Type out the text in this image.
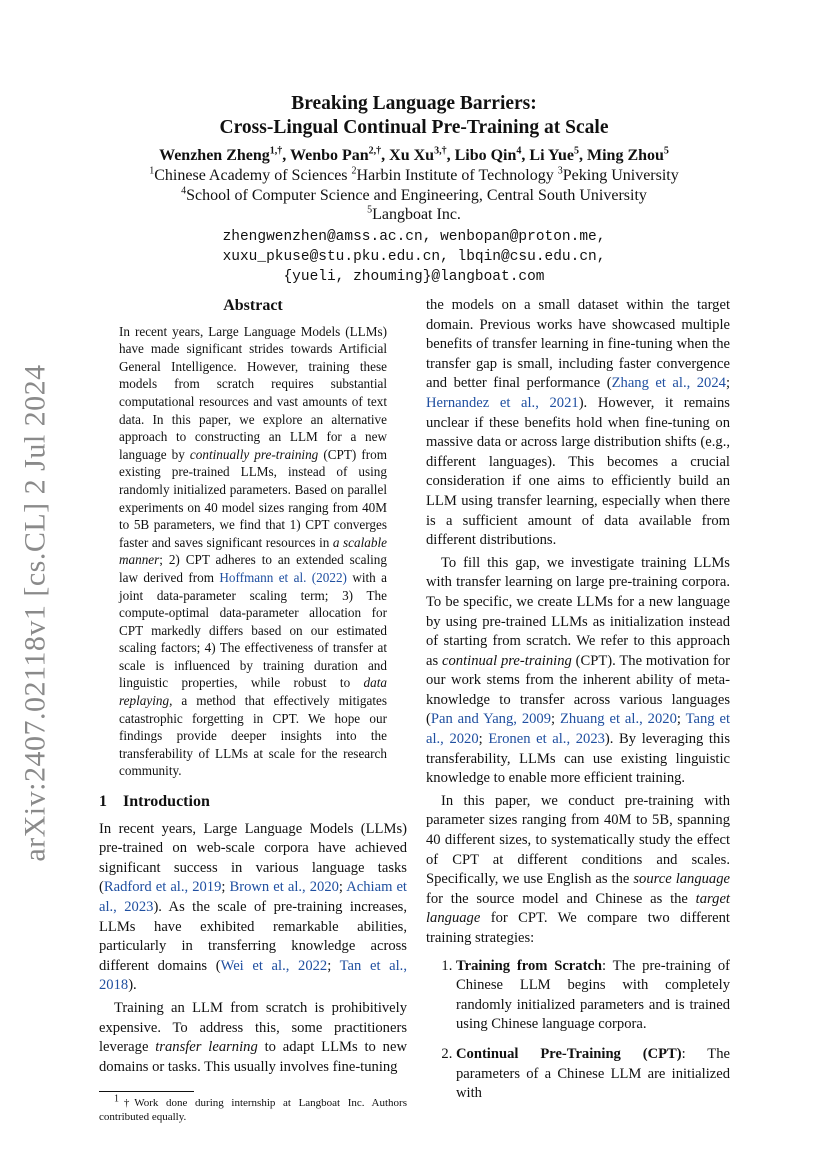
arXiv:2407.02118v1 [cs.CL] 2 Jul 2024
Breaking Language Barriers:
Cross-Lingual Continual Pre-Training at Scale
Wenzhen Zheng$^{1,\dagger}$, Wenbo Pan$^{2,\dagger}$, Xu $Xu^{3,\dagger}$, Libo Qin$^4$, Li Yue$^5$, Ming Zhou$^5$
$^1$Chinese Academy of Sciences $^2$Harbin Institute of Technology $^3$Peking University
$^4$School of Computer Science and Engineering, Central South University
$^5$Langboat Inc.
zhengwenzhen@amss.ac.cn, wenbopan@proton.me,
xuxu_pkuse@stu.pku.edu.cn, lbqin@csu.edu.cn,
{yueli, zhouming}@langboat.com
Abstract

In recent years, Large Language Models (LLMs) have made significant strides towards Artificial General Intelligence. However, training these models from scratch requires substantial computational resources and vast amounts of text data. In this paper, we explore an alternative approach to constructing an LLM for a new language by continually pre-training (CPT) from existing pre-trained LLMs, instead of using randomly initialized parameters. Based on parallel experiments on 40 model sizes ranging from 40M to 5B parameters, we find that 1) CPT converges faster and saves significant resources in a scalable manner; 2) CPT adheres to an extended scaling law derived from Hoffmann et al. (2022) with a joint data-parameter scaling term; 3) The compute-optimal data-parameter allocation for CPT markedly differs based on our estimated scaling factors; 4) The effectiveness of transfer at scale is influenced by training duration and linguistic properties, while robust to data replaying, a method that effectively mitigates catastrophic forgetting in CPT. We hope our findings provide deeper insights into the transferability of LLMs at scale for the research community.

1 Introduction

In recent years, Large Language Models (LLMs) pre-trained on web-scale corpora have achieved significant success in various language tasks (Radford et al., 2019; Brown et al., 2020; Achiam et al., 2023). As the scale of pre-training increases, LLMs have exhibited remarkable abilities, particularly in transferring knowledge across different domains (Wei et al., 2022; Tan et al., 2018).

Training an LLM from scratch is prohibitively expensive. To address this, some practitioners leverage transfer learning to adapt LLMs to new domains or tasks. This usually involves fine-tuning

$^1$†Work done during internship at Langboat Inc. Authors contributed equally.

the models on a small dataset within the target domain. Previous works have showcased multiple benefits of transfer learning in fine-tuning when the transfer gap is small, including faster convergence and better final performance (Zhang et al., 2024; Hernandez et al., 2021). However, it remains unclear if these benefits hold when fine-tuning on massive data or across large distribution shifts (e.g., different languages). This becomes a crucial consideration if one aims to efficiently build an LLM using transfer learning, especially when there is a sufficient amount of data available from different distributions.

To fill this gap, we investigate training LLMs with transfer learning on large pre-training corpora. To be specific, we create LLMs for a new language by using pre-trained LLMs as initialization instead of starting from scratch. We refer to this approach as continual pre-training (CPT). The motivation for our work stems from the inherent ability of meta-knowledge to transfer across various languages (Pan and Yang, 2009; Zhuang et al., 2020; Tang et al., 2020; Eronen et al., 2023). By leveraging this transferability, LLMs can use existing linguistic knowledge to enable more efficient training.

In this paper, we conduct pre-training with parameter sizes ranging from 40M to 5B, spanning 40 different sizes, to systematically study the effect of CPT at different conditions and scales. Specifically, we use English as the source language for the source model and Chinese as the target language for CPT. We compare two different training strategies:

1. Training from Scratch: The pre-training of Chinese LLM begins with completely randomly initialized parameters and is trained using Chinese language corpora.
2. Continual Pre-Training (CPT): The parameters of a Chinese LLM are initialized with
